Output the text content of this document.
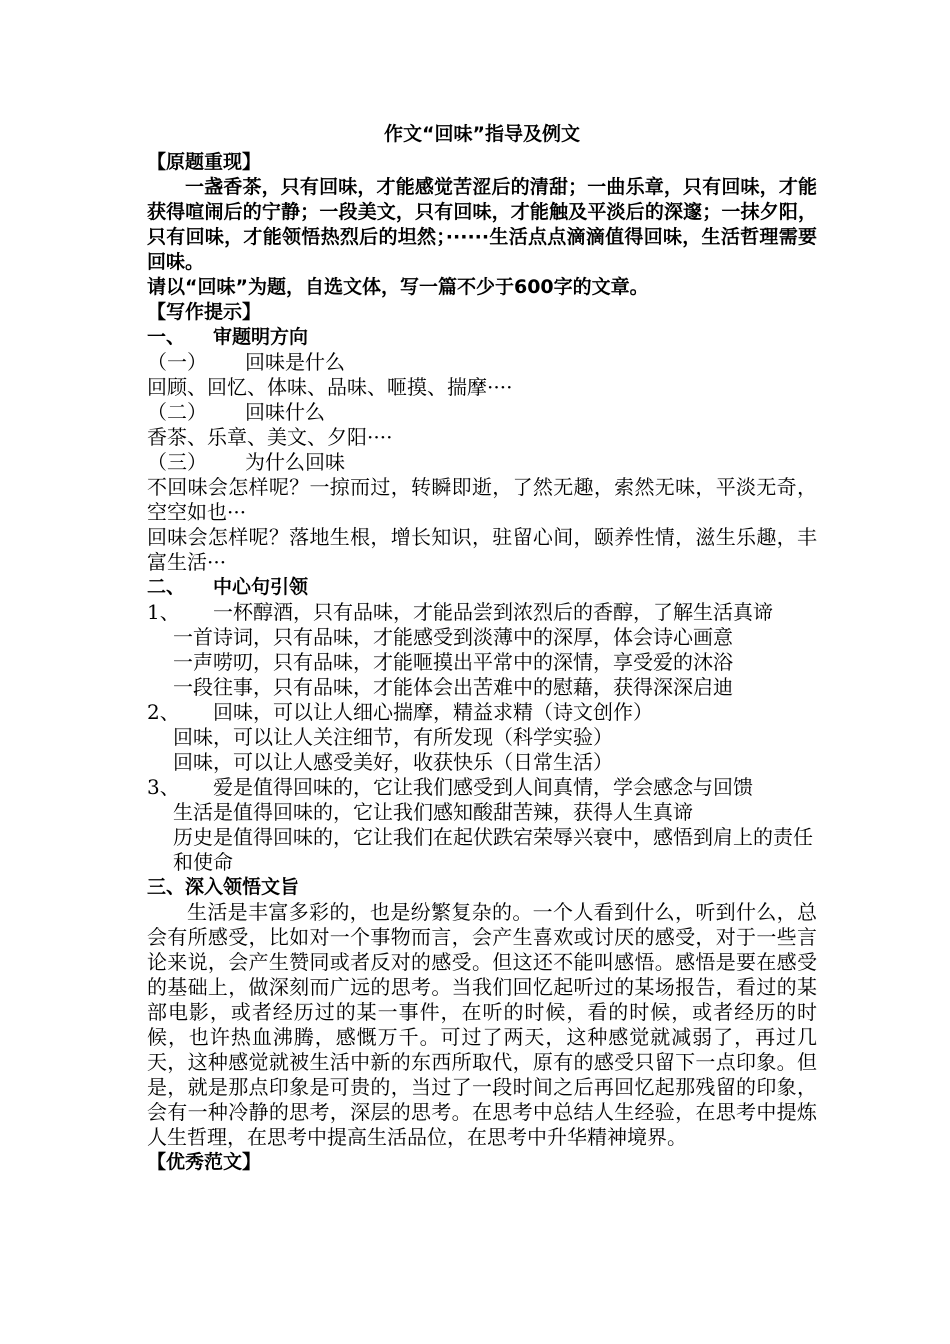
作文“回味”指导及例文
【原题重现】

一盏香茶，只有回味，才能感觉苦涩后的清甜；一曲乐章，只有回味，才能获得喧闹后的宁静；一段美文，只有回味，才能触及平淡后的深邃；一抹夕阳，只有回味，才能领悟热烈后的坦然；······生活点点滴滴值得回味，生活哲理需要回味。

请以“回味”为题，自选文体，写一篇不少于600字的文章。

【写作提示】
一、 审题明方向
（一） 回味是什么

回顾、回忆、体味、品味、咂摸、揣摩····

（二） 回味什么

香茶、乐章、美文、夕阳····

（三） 为什么回味

不回味会怎样呢？一掠而过，转瞬即逝，了然无趣，索然无味，平淡无奇，空空如也···

回味会怎样呢？落地生根，增长知识，驻留心间，颐养性情，滋生乐趣，丰富生活···

二、 中心句引领
1、	一杯醇酒，只有品味，才能品尝到浓烈后的香醇，了解生活真谛
一首诗词，只有品味，才能感受到淡薄中的深厚，体会诗心画意
一声唠叨，只有品味，才能咂摸出平常中的深情，享受爱的沐浴
一段往事，只有品味，才能体会出苦难中的慰藉，获得深深启迪
2、	回味，可以让人细心揣摩，精益求精（诗文创作）
回味，可以让人关注细节，有所发现（科学实验）
回味，可以让人感受美好，收获快乐（日常生活）
3、	爱是值得回味的，它让我们感受到人间真情，学会感念与回馈
生活是值得回味的，它让我们感知酸甜苦辣，获得人生真谛
历史是值得回味的，它让我们在起伏跌宕荣辱兴衰中，感悟到肩上的责任和使命
三、深入领悟文旨

生活是丰富多彩的，也是纷繁复杂的。一个人看到什么，听到什么，总会有所感受，比如对一个事物而言，会产生喜欢或讨厌的感受，对于一些言论来说，会产生赞同或者反对的感受。但这还不能叫感悟。感悟是要在感受的基础上，做深刻而广远的思考。当我们回忆起听过的某场报告，看过的某部电影，或者经历过的某一事件，在听的时候，看的时候，或者经历的时候，也许热血沸腾，感慨万千。可过了两天，这种感觉就减弱了，再过几天，这种感觉就被生活中新的东西所取代，原有的感受只留下一点印象。但是，就是那点印象是可贵的，当过了一段时间之后再回忆起那残留的印象，会有一种冷静的思考，深层的思考。在思考中总结人生经验，在思考中提炼人生哲理，在思考中提高生活品位，在思考中升华精神境界。

【优秀范文】
